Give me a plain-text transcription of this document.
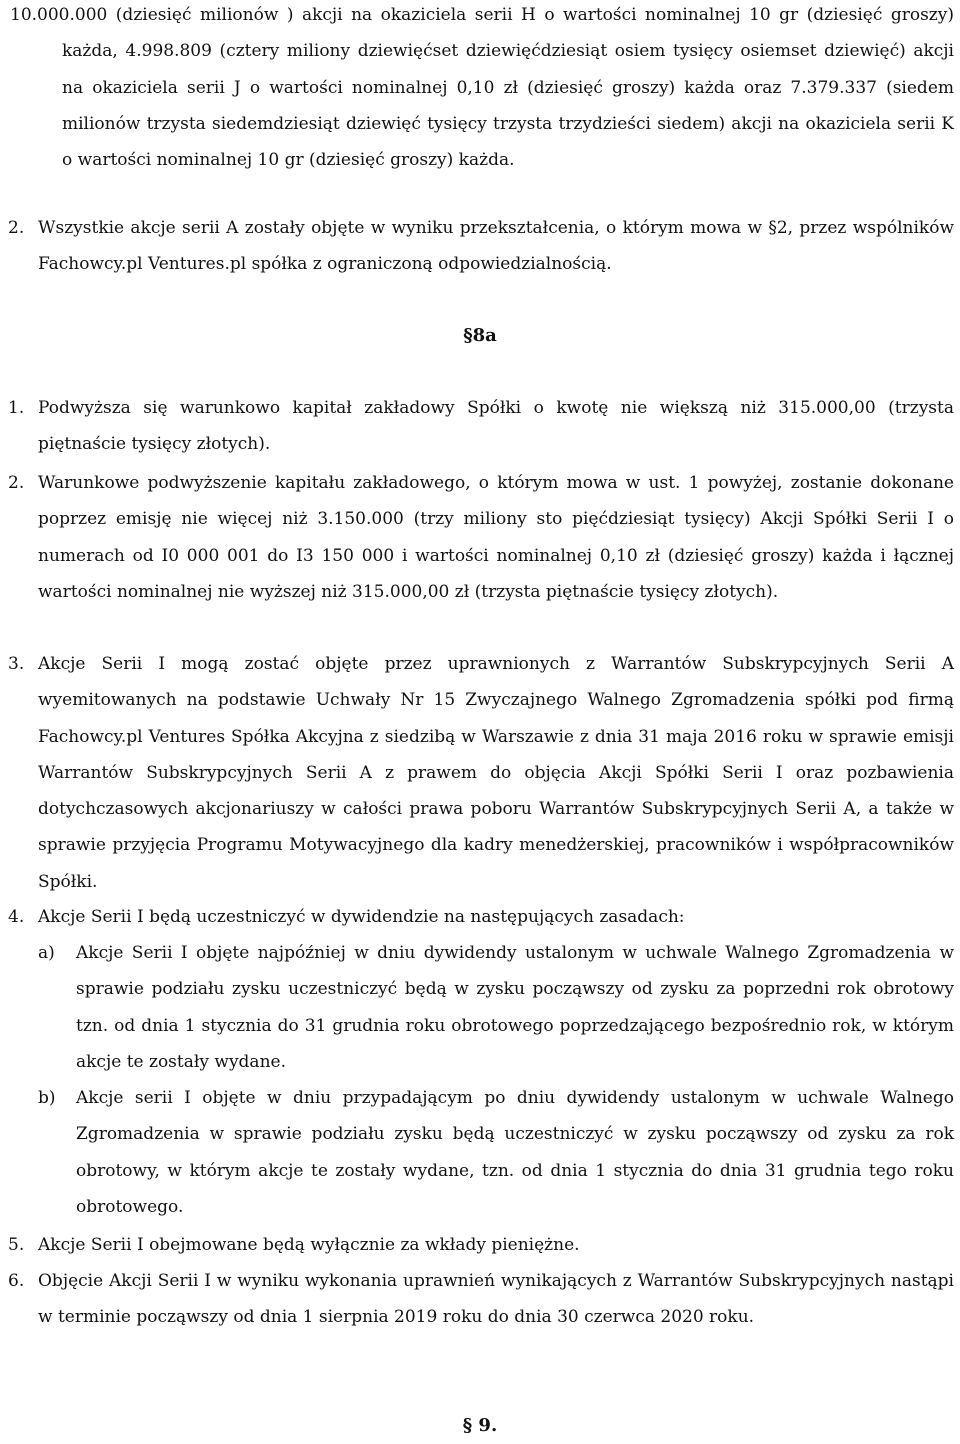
10.000.000 (dziesięć milionów ) akcji na okaziciela serii H o wartości nominalnej 10 gr (dziesięć groszy) każda, 4.998.809 (cztery miliony dziewięćset dziewięćdziesiąt osiem tysięcy osiemset dziewięć) akcji na okaziciela serii J o wartości nominalnej 0,10 zł (dziesięć groszy) każda oraz 7.379.337 (siedem milionów trzysta siedemdziesiąt dziewięć tysięcy trzysta trzydzieści siedem) akcji na okaziciela serii K o wartości nominalnej 10 gr (dziesięć groszy) każda.

2. Wszystkie akcje serii A zostały objęte w wyniku przekształcenia, o którym mowa w §2, przez wspólników Fachowcy.pl Ventures.pl spółka z ograniczoną odpowiedzialnością.
§8a
1. Podwyższa się warunkowo kapitał zakładowy Spółki o kwotę nie większą niż 315.000,00 (trzysta piętnaście tysięcy złotych).
2. Warunkowe podwyższenie kapitału zakładowego, o którym mowa w ust. 1 powyżej, zostanie dokonane poprzez emisję nie więcej niż 3.150.000 (trzy miliony sto pięćdziesiąt tysięcy) Akcji Spółki Serii I o numerach od I0 000 001 do I3 150 000 i wartości nominalnej 0,10 zł (dziesięć groszy) każda i łącznej wartości nominalnej nie wyższej niż 315.000,00 zł (trzysta piętnaście tysięcy złotych).
3. Akcje Serii I mogą zostać objęte przez uprawnionych z Warrantów Subskrypcyjnych Serii A wyemitowanych na podstawie Uchwały Nr 15 Zwyczajnego Walnego Zgromadzenia spółki pod firmą Fachowcy.pl Ventures Spółka Akcyjna z siedzibą w Warszawie z dnia 31 maja 2016 roku w sprawie emisji Warrantów Subskrypcyjnych Serii A z prawem do objęcia Akcji Spółki Serii I oraz pozbawienia dotychczasowych akcjonariuszy w całości prawa poboru Warrantów Subskrypcyjnych Serii A, a także w sprawie przyjęcia Programu Motywacyjnego dla kadry menedżerskiej, pracowników i współpracowników Spółki.
4. Akcje Serii I będą uczestniczyć w dywidendzie na następujących zasadach:
a) Akcje Serii I objęte najpóźniej w dniu dywidendy ustalonym w uchwale Walnego Zgromadzenia w sprawie podziału zysku uczestniczyć będą w zysku począwszy od zysku za poprzedni rok obrotowy tzn. od dnia 1 stycznia do 31 grudnia roku obrotowego poprzedzającego bezpośrednio rok, w którym akcje te zostały wydane.
b) Akcje serii I objęte w dniu przypadającym po dniu dywidendy ustalonym w uchwale Walnego Zgromadzenia w sprawie podziału zysku będą uczestniczyć w zysku począwszy od zysku za rok obrotowy, w którym akcje te zostały wydane, tzn. od dnia 1 stycznia do dnia 31 grudnia tego roku obrotowego.
5. Akcje Serii I obejmowane będą wyłącznie za wkłady pieniężne.
6. Objęcie Akcji Serii I w wyniku wykonania uprawnień wynikających z Warrantów Subskrypcyjnych nastąpi w terminie począwszy od dnia 1 sierpnia 2019 roku do dnia 30 czerwca 2020 roku.
§ 9.
